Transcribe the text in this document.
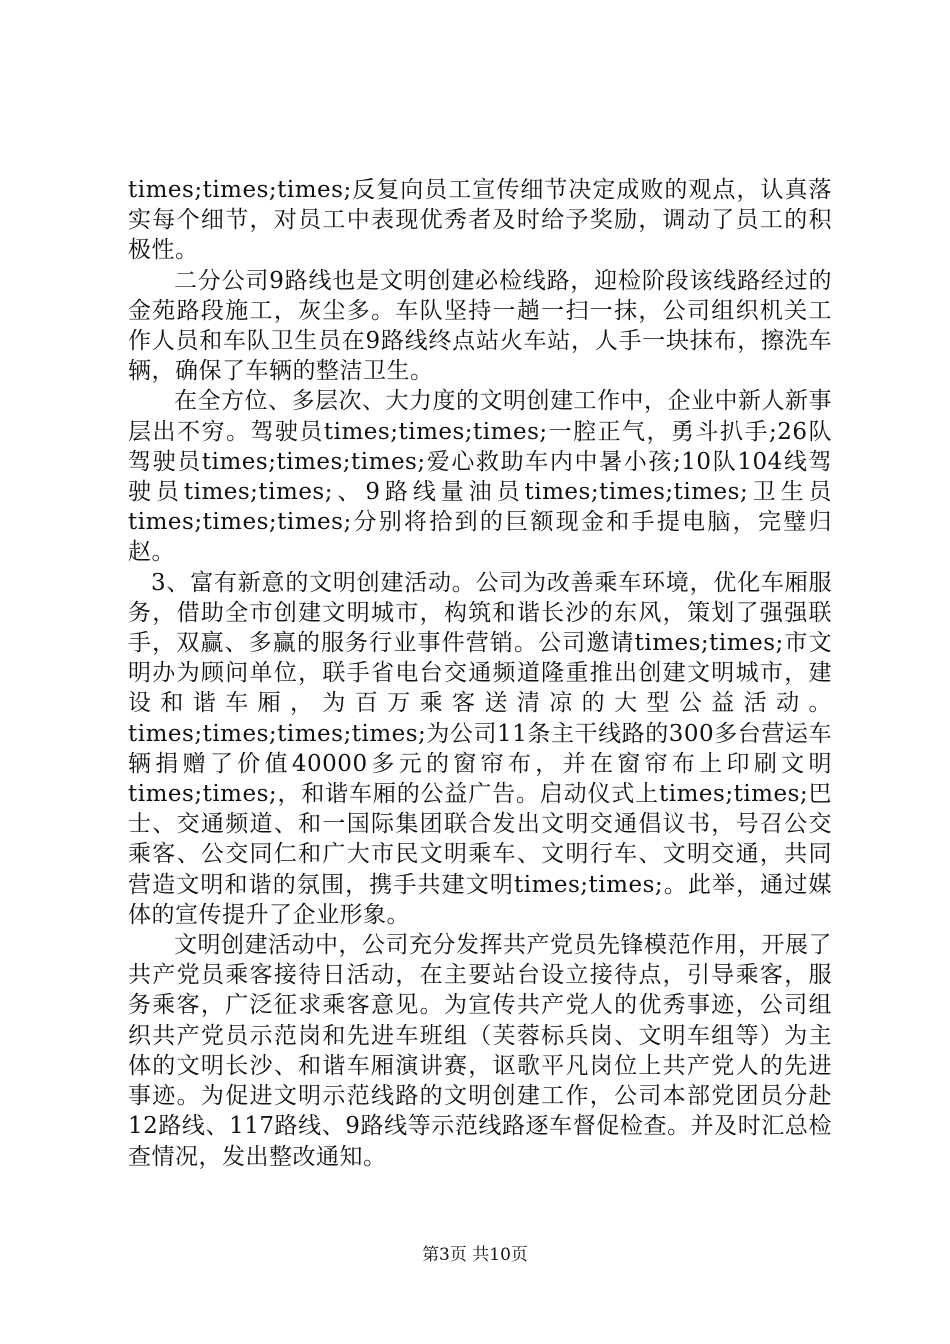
times;times;times;反复向员工宣传细节决定成败的观点，认真落实每个细节，对员工中表现优秀者及时给予奖励，调动了员工的积极性。

二分公司9路线也是文明创建必检线路，迎检阶段该线路经过的金苑路段施工，灰尘多。车队坚持一趟一扫一抹，公司组织机关工作人员和车队卫生员在9路线终点站火车站，人手一块抹布，擦洗车辆，确保了车辆的整洁卫生。

在全方位、多层次、大力度的文明创建工作中，企业中新人新事层出不穷。驾驶员times;times;times;一腔正气，勇斗扒手;26队驾驶员times;times;times;爱心救助车内中暑小孩;10队104线驾驶员times;times;、9路线量油员times;times;times;卫生员times;times;times;分别将拾到的巨额现金和手提电脑，完璧归赵。

3、富有新意的文明创建活动。公司为改善乘车环境，优化车厢服务，借助全市创建文明城市，构筑和谐长沙的东风，策划了强强联手，双赢、多赢的服务行业事件营销。公司邀请times;times;市文明办为顾问单位，联手省电台交通频道隆重推出创建文明城市，建设和谐车厢，为百万乘客送清凉的大型公益活动。times;times;times;times;为公司11条主干线路的300多台营运车辆捐赠了价值40000多元的窗帘布，并在窗帘布上印刷文明times;times;，和谐车厢的公益广告。启动仪式上times;times;巴士、交通频道、和一国际集团联合发出文明交通倡议书，号召公交乘客、公交同仁和广大市民文明乘车、文明行车、文明交通，共同营造文明和谐的氛围，携手共建文明times;times;。此举，通过媒体的宣传提升了企业形象。

文明创建活动中，公司充分发挥共产党员先锋模范作用，开展了共产党员乘客接待日活动，在主要站台设立接待点，引导乘客，服务乘客，广泛征求乘客意见。为宣传共产党人的优秀事迹，公司组织共产党员示范岗和先进车班组（芙蓉标兵岗、文明车组等）为主体的文明长沙、和谐车厢演讲赛，讴歌平凡岗位上共产党人的先进事迹。为促进文明示范线路的文明创建工作，公司本部党团员分赴12路线、117路线、9路线等示范线路逐车督促检查。并及时汇总检查情况，发出整改通知。

第3页 共10页
